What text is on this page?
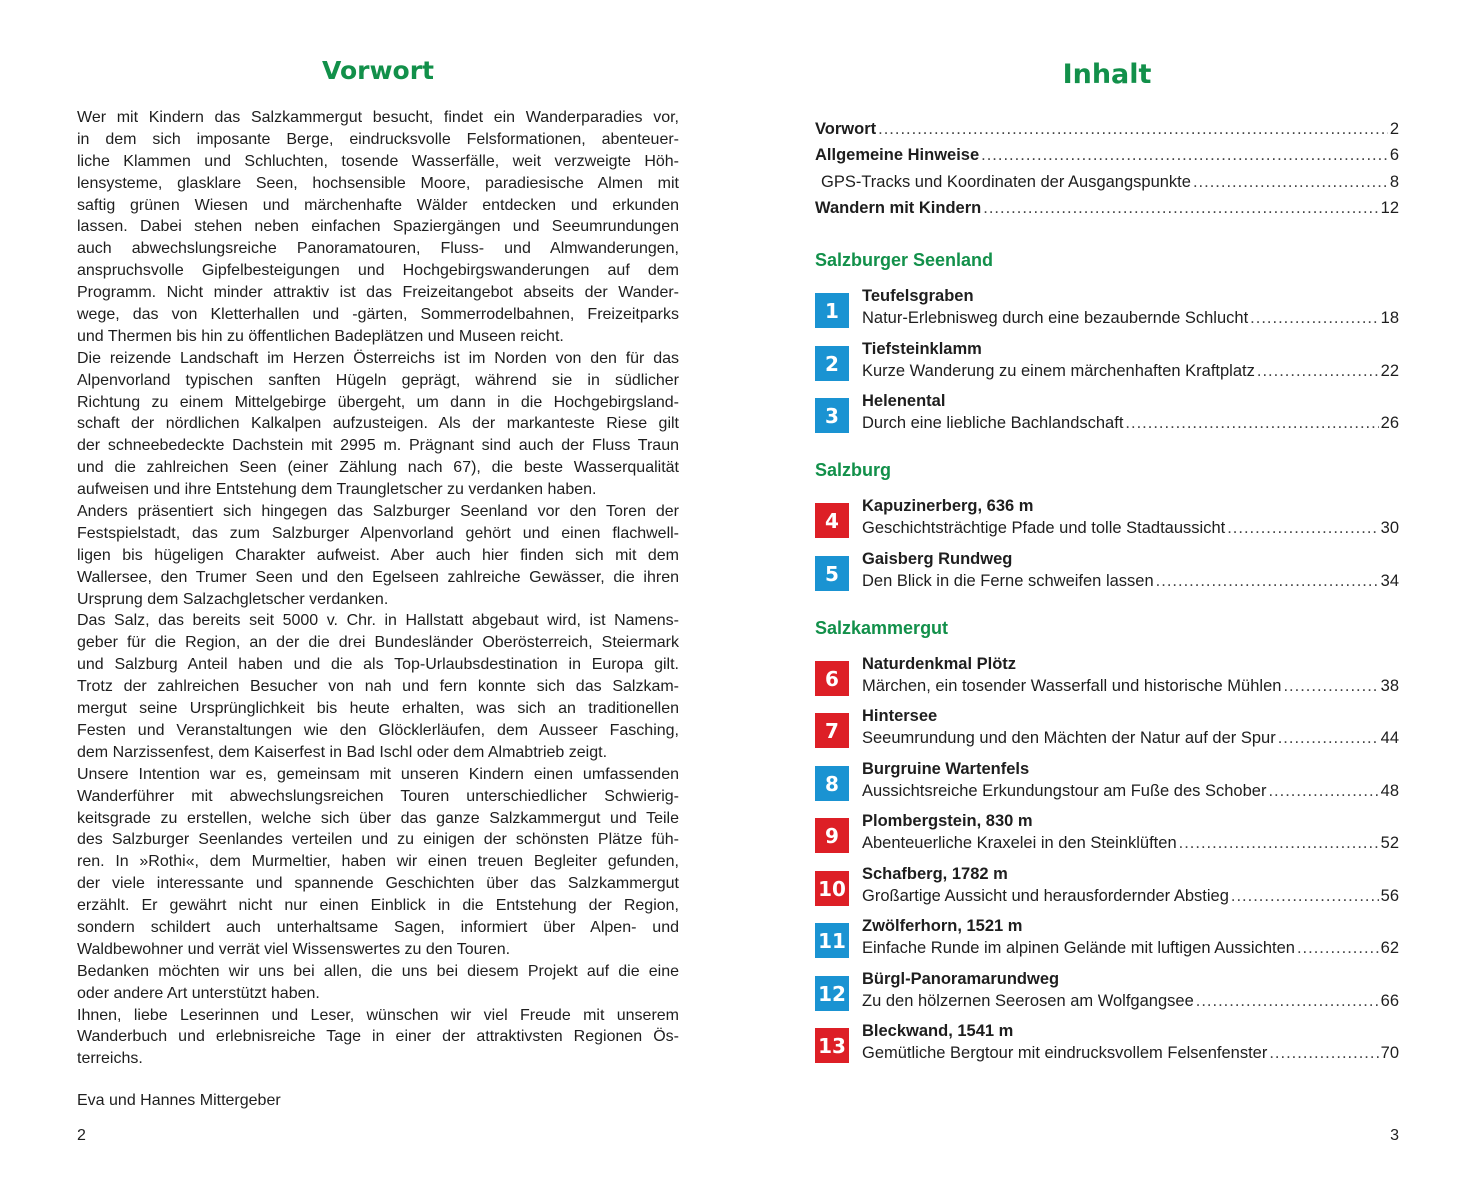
Vorwort
Wer mit Kindern das Salzkammergut besucht, findet ein Wanderparadies vor,
in dem sich imposante Berge, eindrucksvolle Felsformationen, abenteuer-
liche Klammen und Schluchten, tosende Wasserfälle, weit verzweigte Höh-
lensysteme, glasklare Seen, hochsensible Moore, paradiesische Almen mit
saftig grünen Wiesen und märchenhafte Wälder entdecken und erkunden
lassen. Dabei stehen neben einfachen Spaziergängen und Seeumrundungen
auch abwechslungsreiche Panoramatouren, Fluss- und Almwanderungen,
anspruchsvolle Gipfelbesteigungen und Hochgebirgswanderungen auf dem
Programm. Nicht minder attraktiv ist das Freizeitangebot abseits der Wander-
wege, das von Kletterhallen und -gärten, Sommerrodelbahnen, Freizeitparks
und Thermen bis hin zu öffentlichen Badeplätzen und Museen reicht.
Die reizende Landschaft im Herzen Österreichs ist im Norden von den für das
Alpenvorland typischen sanften Hügeln geprägt, während sie in südlicher
Richtung zu einem Mittelgebirge übergeht, um dann in die Hochgebirgsland-
schaft der nördlichen Kalkalpen aufzusteigen. Als der markanteste Riese gilt
der schneebedeckte Dachstein mit 2995 m. Prägnant sind auch der Fluss Traun
und die zahlreichen Seen (einer Zählung nach 67), die beste Wasserqualität
aufweisen und ihre Entstehung dem Traungletscher zu verdanken haben.
Anders präsentiert sich hingegen das Salzburger Seenland vor den Toren der
Festspielstadt, das zum Salzburger Alpenvorland gehört und einen flachwell-
ligen bis hügeligen Charakter aufweist. Aber auch hier finden sich mit dem
Wallersee, den Trumer Seen und den Egelseen zahlreiche Gewässer, die ihren
Ursprung dem Salzachgletscher verdanken.
Das Salz, das bereits seit 5000 v. Chr. in Hallstatt abgebaut wird, ist Namens-
geber für die Region, an der die drei Bundesländer Oberösterreich, Steiermark
und Salzburg Anteil haben und die als Top-Urlaubsdestination in Europa gilt.
Trotz der zahlreichen Besucher von nah und fern konnte sich das Salzkam-
mergut seine Ursprünglichkeit bis heute erhalten, was sich an traditionellen
Festen und Veranstaltungen wie den Glöcklerläufen, dem Ausseer Fasching,
dem Narzissenfest, dem Kaiserfest in Bad Ischl oder dem Almabtrieb zeigt.
Unsere Intention war es, gemeinsam mit unseren Kindern einen umfassenden
Wanderführer mit abwechslungsreichen Touren unterschiedlicher Schwierig-
keitsgrade zu erstellen, welche sich über das ganze Salzkammergut und Teile
des Salzburger Seenlandes verteilen und zu einigen der schönsten Plätze füh-
ren. In »Rothi«, dem Murmeltier, haben wir einen treuen Begleiter gefunden,
der viele interessante und spannende Geschichten über das Salzkammergut
erzählt. Er gewährt nicht nur einen Einblick in die Entstehung der Region,
sondern schildert auch unterhaltsame Sagen, informiert über Alpen- und
Waldbewohner und verrät viel Wissenswertes zu den Touren.
Bedanken möchten wir uns bei allen, die uns bei diesem Projekt auf die eine
oder andere Art unterstützt haben.
Ihnen, liebe Leserinnen und Leser, wünschen wir viel Freude mit unserem
Wanderbuch und erlebnisreiche Tage in einer der attraktivsten Regionen Ös-
terreichs.
Eva und Hannes Mittergeber
2
Inhalt
Vorwort .....	2
Allgemeine Hinweise .....	6
GPS-Tracks und Koordinaten der Ausgangspunkte .....	8
Wandern mit Kindern .....	12
Salzburger Seenland
Salzburg
Salzkammergut
1
Teufelsgraben
Natur-Erlebnisweg durch eine bezaubernde Schlucht .....	18
2
Tiefsteinklamm
Kurze Wanderung zu einem märchenhaften Kraftplatz .....	22
3
Helenental
Durch eine liebliche Bachlandschaft .....	26
4
Kapuzinerberg, 636 m
Geschichtsträchtige Pfade und tolle Stadtaussicht .....	30
5
Gaisberg Rundweg
Den Blick in die Ferne schweifen lassen .....	34
6
Naturdenkmal Plötz
Märchen, ein tosender Wasserfall und historische Mühlen .....	38
7
Hintersee
Seeumrundung und den Mächten der Natur auf der Spur .....	44
8
Burgruine Wartenfels
Aussichtsreiche Erkundungstour am Fuße des Schober .....	48
9
Plombergstein, 830 m
Abenteuerliche Kraxelei in den Steinklüften .....	52
10
Schafberg, 1782 m
Großartige Aussicht und herausfordernder Abstieg .....	56
11
Zwölferhorn, 1521 m
Einfache Runde im alpinen Gelände mit luftigen Aussichten .....	62
12
Bürgl-Panoramarundweg
Zu den hölzernen Seerosen am Wolfgangsee .....	66
13
Bleckwand, 1541 m
Gemütliche Bergtour mit eindrucksvollem Felsenfenster .....	70
3
